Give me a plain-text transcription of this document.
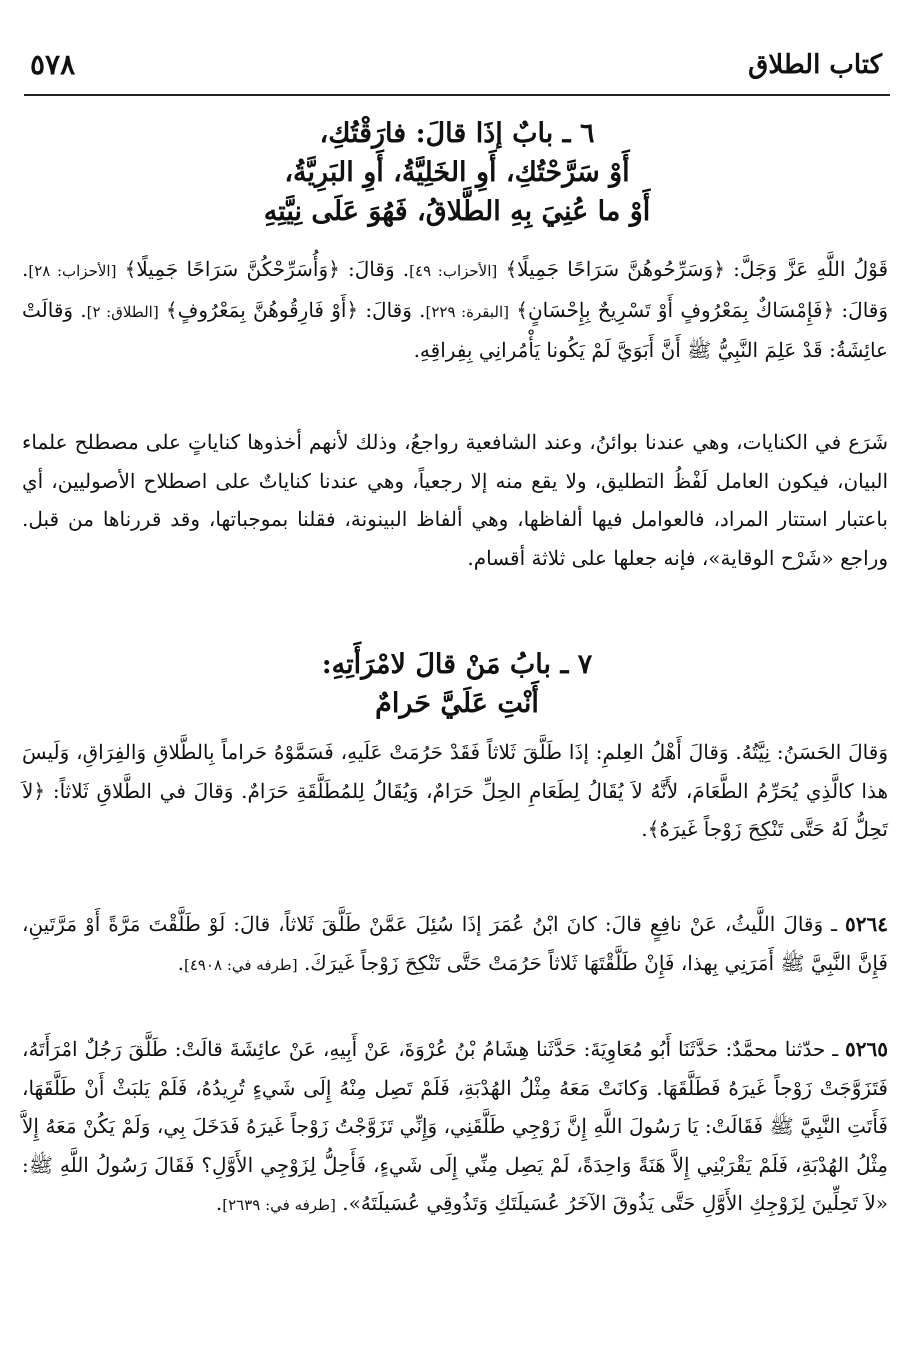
كتاب الطلاق
٥٧٨
٦ ـ بابٌ إذَا قالَ: فارَقْتُكِ،
أَوْ سَرَّحْتُكِ، أَوِ الخَلِيَّةُ، أَوِ البَرِيَّةُ،
أَوْ ما عُنِيَ بِهِ الطَّلاقُ، فَهُوَ عَلَى نِيَّتِهِ
قَوْلُ اللَّهِ عَزَّ وَجَلَّ: ﴿وَسَرِّحُوهُنَّ سَرَاحًا جَمِيلًا﴾ [الأحزاب: ٤٩]. وَقالَ: ﴿وَأُسَرِّحْكُنَّ سَرَاحًا جَمِيلًا﴾ [الأحزاب: ٢٨]. وَقالَ: ﴿فَإِمْسَاكٌ بِمَعْرُوفٍ أَوْ تَسْرِيحٌ بِإِحْسَانٍ﴾ [البقرة: ٢٢٩]. وَقالَ: ﴿أَوْ فَارِقُوهُنَّ بِمَعْرُوفٍ﴾ [الطلاق: ٢]. وَقالَتْ عائِشَةُ: قَدْ عَلِمَ النَّبِيُّ ﷺ أَنَّ أَبَوَيَّ لَمْ يَكُونا يَأْمُرانِي بِفِراقِهِ.
شَرَع في الكنايات، وهي عندنا بوائنُ، وعند الشافعية رواجعُ، وذلك لأنهم أخذوها كناياتٍ على مصطلح علماء البيان، فيكون العامل لَفْظُ التطليق، ولا يقع منه إلا رجعياً، وهي عندنا كناياتٌ على اصطلاح الأصوليين، أي باعتبار استتار المراد، فالعوامل فيها ألفاظها، وهي ألفاظ البينونة، فقلنا بموجباتها، وقد قررناها من قبل. وراجع «شَرْح الوقاية»، فإنه جعلها على ثلاثة أقسام.
٧ ـ بابُ مَنْ قالَ لامْرَأَتِهِ:
أَنْتِ عَلَيَّ حَرامٌ
وَقالَ الحَسَنُ: نِيَّتُهُ. وَقالَ أَهْلُ العِلمِ: إذَا طَلَّقَ ثَلاثاً فَقَدْ حَرُمَتْ عَلَيهِ، فَسَمَّوْهُ حَراماً بِالطَّلاقِ وَالفِرَاقِ، وَلَيسَ هذا كالَّذِي يُحَرِّمُ الطَّعَامَ، لأَنَّهُ لاَ يُقَالُ لِطَعَامِ الحِلِّ حَرَامٌ، وَيُقَالُ لِلمُطَلَّقَةِ حَرَامٌ. وَقالَ في الطَّلاقِ ثَلاثاً: ﴿لاَ تَحِلُّ لَهُ حَتَّى تَنْكِحَ زَوْجاً غَيرَهُ﴾.
٥٢٦٤ ـ وَقالَ اللَّيثُ، عَنْ نافِعٍ قالَ: كانَ ابْنُ عُمَرَ إذَا سُئِلَ عَمَّنْ طَلَّقَ ثَلاثاً، قالَ: لَوْ طَلَّقْتَ مَرَّةً أَوْ مَرَّتَينِ، فَإِنَّ النَّبِيَّ ﷺ أَمَرَنِي بِهذا، فَإِنْ طَلَّقْتَهَا ثَلاثاً حَرُمَتْ حَتَّى تَنْكِحَ زَوْجاً غَيرَكَ. [طرفه في: ٤٩٠٨].
٥٢٦٥ ـ حدّثنا محمَّدٌ: حَدَّثَنَا أَبُو مُعَاوِيَةَ: حَدَّثَنا هِشَامُ بْنُ عُرْوَةَ، عَنْ أَبِيهِ، عَنْ عائِشَةَ قالَتْ: طَلَّقَ رَجُلٌ امْرَأَتَهُ، فَتَزَوَّجَتْ زَوْجاً غَيرَهُ فَطَلَّقَهَا. وَكانَتْ مَعَهُ مِثْلُ الهُدْبَةِ، فَلَمْ تَصِل مِنْهُ إِلَى شَيءٍ تُرِيدُهُ، فَلَمْ يَلبَثْ أَنْ طَلَّقَهَا، فَأَتَتِ النَّبِيَّ ﷺ فَقَالَتْ: يَا رَسُولَ اللَّهِ إِنَّ زَوْجِي طَلَّقَنِي، وَإِنِّي تَزَوَّجْتُ زَوْجاً غَيرَهُ فَدَخَلَ بِي، وَلَمْ يَكُنْ مَعَهُ إِلاَّ مِثْلُ الهُدْبَةِ، فَلَمْ يَقْرَبْنِي إِلاَّ هَنَةً وَاحِدَةً، لَمْ يَصِل مِنِّي إِلَى شَيءٍ، فَأَحِلُّ لِزَوْجِي الأَوَّلِ؟ فَقَالَ رَسُولُ اللَّهِ ﷺ: «لاَ تَحِلِّينَ لِزَوْجِكِ الأَوَّلِ حَتَّى يَذُوقَ الآخَرُ عُسَيلَتَكِ وَتَذُوقِي عُسَيلَتَهُ». [طرفه في: ٢٦٣٩].
